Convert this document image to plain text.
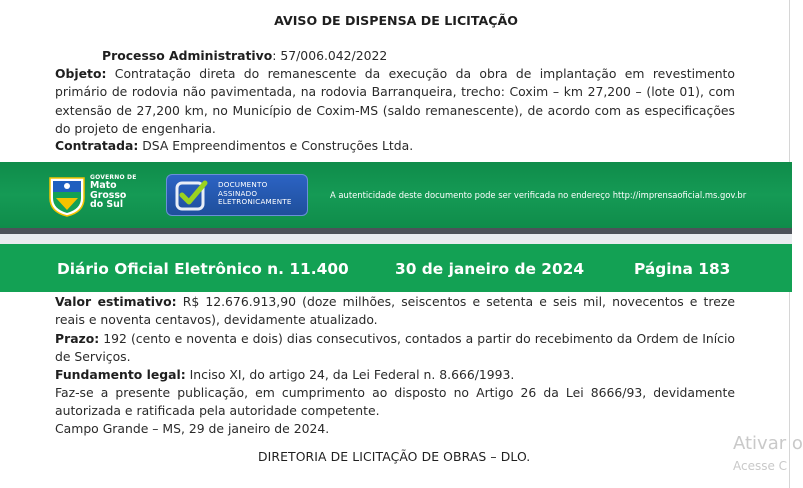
AVISO DE DISPENSA DE LICITAÇÃO
Processo Administrativo: 57/006.042/2022
Objeto: Contratação direta do remanescente da execução da obra de implantação em revestimento primário de rodovia não pavimentada, na rodovia Barranqueira, trecho: Coxim – km 27,200 – (lote 01), com extensão de 27,200 km, no Município de Coxim-MS (saldo remanescente), de acordo com as especificações do projeto de engenharia.
Contratada: DSA Empreendimentos e Construções Ltda.
GOVERNO DE
Mato
Grosso
do Sul
DOCUMENTO
ASSINADO
ELETRONICAMENTE
A autenticidade deste documento pode ser verificada no endereço http://imprensaoficial.ms.gov.br
Diário Oficial Eletrônico n. 11.400	30 de janeiro de 2024	Página 183
Valor estimativo: R$ 12.676.913,90 (doze milhões, seiscentos e setenta e seis mil, novecentos e treze reais e noventa centavos), devidamente atualizado.
Prazo: 192 (cento e noventa e dois) dias consecutivos, contados a partir do recebimento da Ordem de Início de Serviços.
Fundamento legal: Inciso XI, do artigo 24, da Lei Federal n. 8.666/1993.
Faz-se a presente publicação, em cumprimento ao disposto no Artigo 26 da Lei 8666/93, devidamente autorizada e ratificada pela autoridade competente.
Campo Grande – MS, 29 de janeiro de 2024.
DIRETORIA DE LICITAÇÃO DE OBRAS – DLO.
Ativar o
Acesse C
